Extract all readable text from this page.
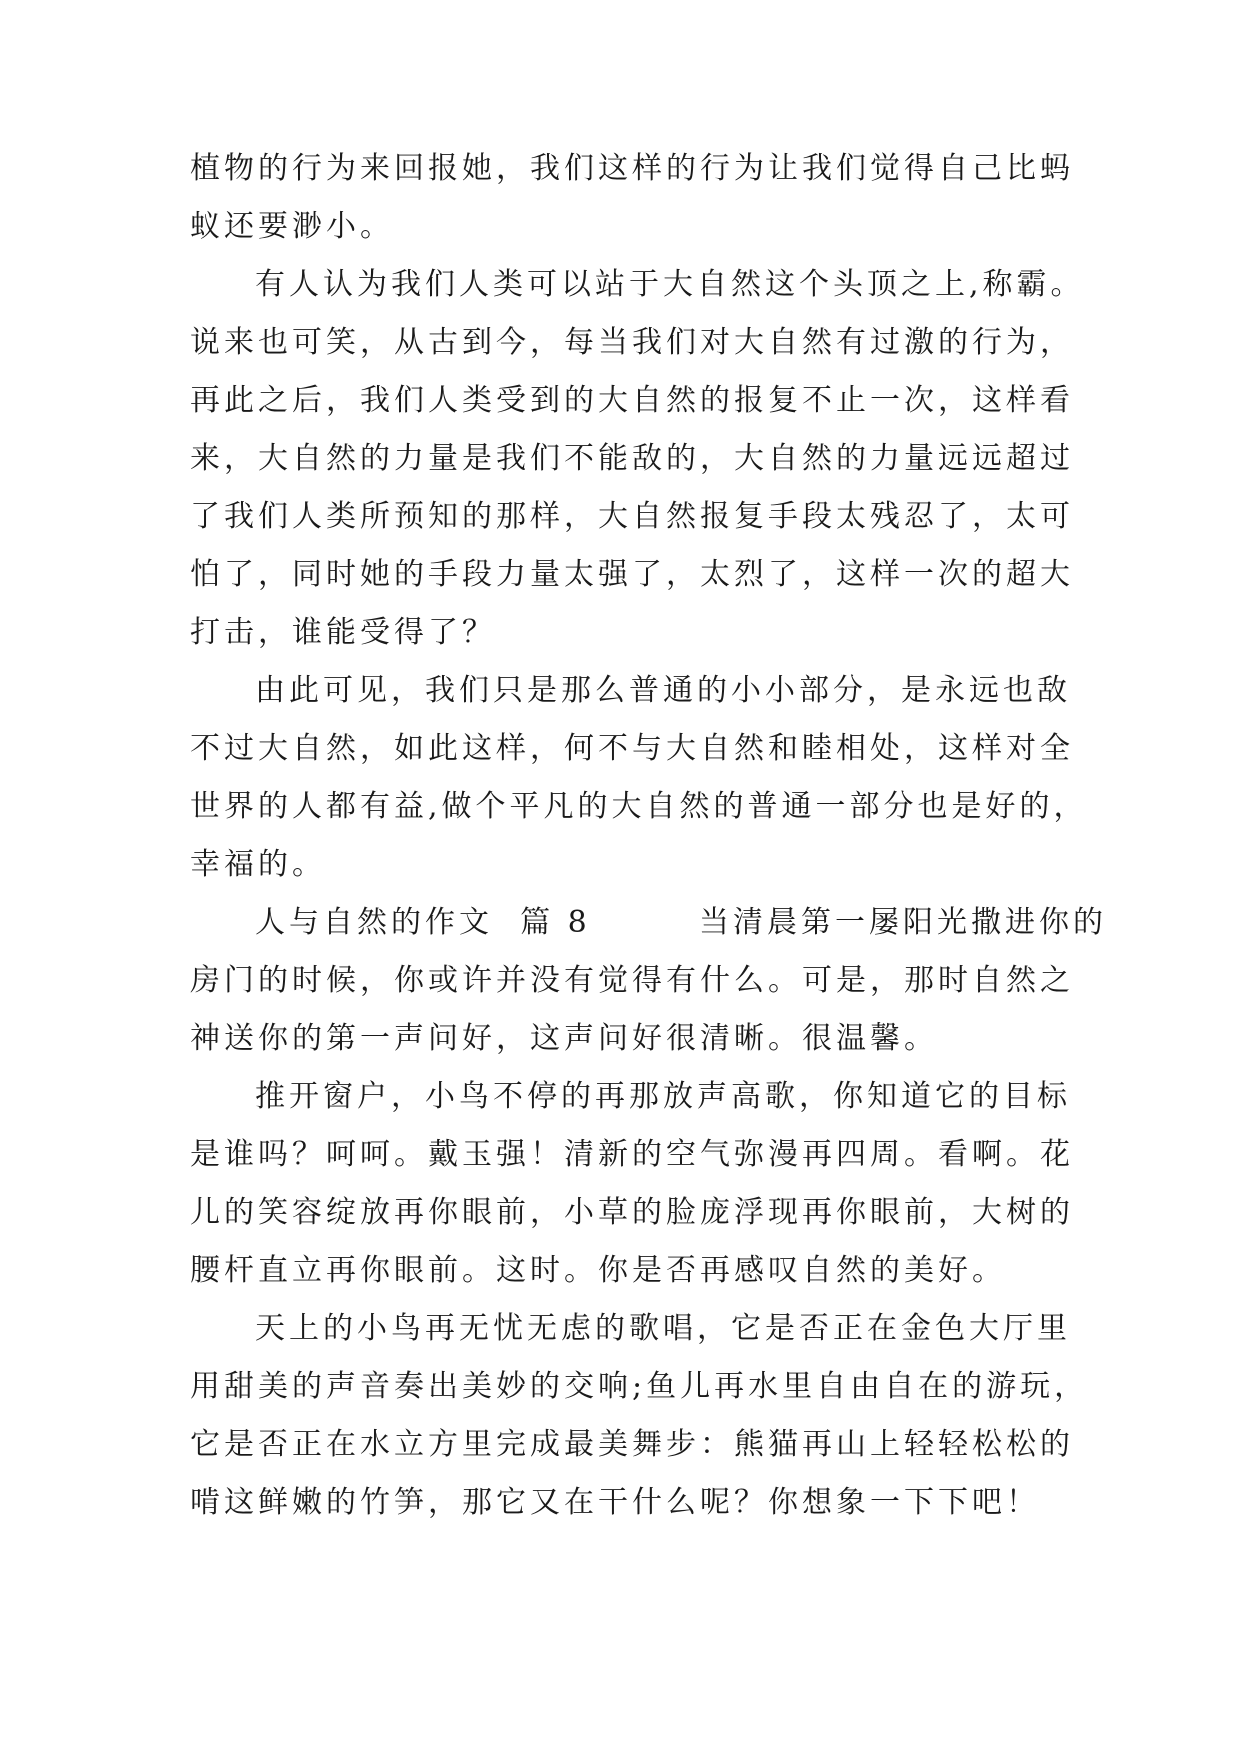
植物的行为来回报她，我们这样的行为让我们觉得自己比蚂
蚁还要渺小。
有人认为我们人类可以站于大自然这个头顶之上,称霸。
说来也可笑，从古到今，每当我们对大自然有过激的行为，
再此之后，我们人类受到的大自然的报复不止一次，这样看
来，大自然的力量是我们不能敌的，大自然的力量远远超过
了我们人类所预知的那样，大自然报复手段太残忍了，太可
怕了，同时她的手段力量太强了，太烈了，这样一次的超大
打击，谁能受得了？
由此可见，我们只是那么普通的小小部分，是永远也敌
不过大自然，如此这样，何不与大自然和睦相处，这样对全
世界的人都有益,做个平凡的大自然的普通一部分也是好的，
幸福的。
人与自然的作文  篇 8        当清晨第一屡阳光撒进你的
房门的时候，你或许并没有觉得有什么。可是，那时自然之
神送你的第一声问好，这声问好很清晰。很温馨。
推开窗户，小鸟不停的再那放声高歌，你知道它的目标
是谁吗？呵呵。戴玉强！清新的空气弥漫再四周。看啊。花
儿的笑容绽放再你眼前，小草的脸庞浮现再你眼前，大树的
腰杆直立再你眼前。这时。你是否再感叹自然的美好。
天上的小鸟再无忧无虑的歌唱，它是否正在金色大厅里
用甜美的声音奏出美妙的交响;鱼儿再水里自由自在的游玩，
它是否正在水立方里完成最美舞步：熊猫再山上轻轻松松的
啃这鲜嫩的竹笋，那它又在干什么呢？你想象一下下吧！
